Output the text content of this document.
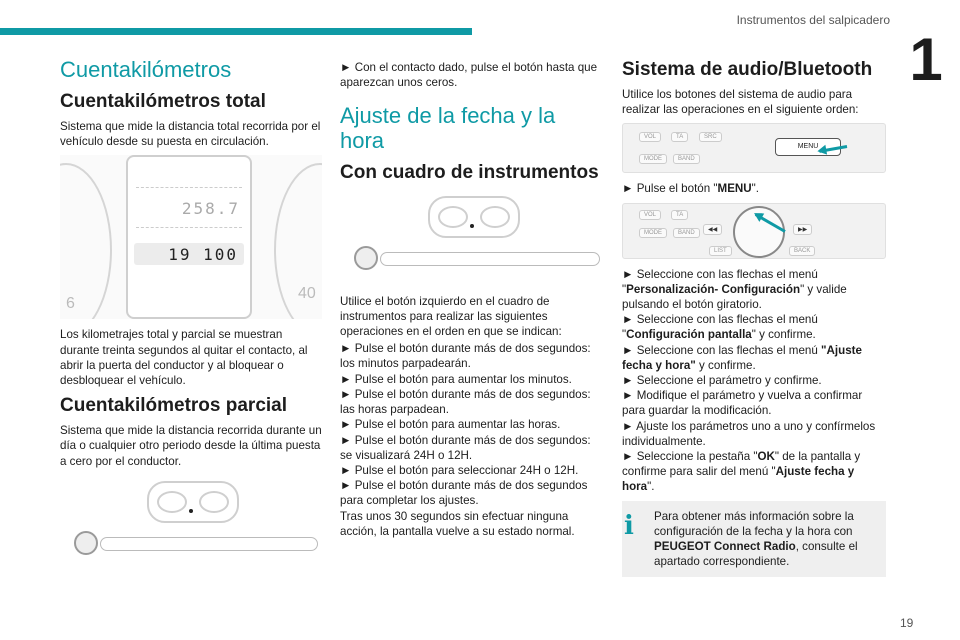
Instrumentos del salpicadero
1
Cuentakilómetros
Cuentakilómetros total

Sistema que mide la distancia total recorrida por el vehículo desde su puesta en circulación.

6
40
258.7
19 100

Los kilometrajes total y parcial se muestran durante treinta segundos al quitar el contacto, al abrir la puerta del conductor y al bloquear o desbloquear el vehículo.

Cuentakilómetros parcial

Sistema que mide la distancia recorrida durante un día o cualquier otro periodo desde la última puesta a cero por el conductor.

► Con el contacto dado, pulse el botón hasta que aparezcan unos ceros.

Ajuste de la fecha y la hora
Con cuadro de instrumentos

Utilice el botón izquierdo en el cuadro de instrumentos para realizar las siguientes operaciones en el orden en que se indican:

► Pulse el botón durante más de dos segundos: los minutos parpadearán.
► Pulse el botón para aumentar los minutos.
► Pulse el botón durante más de dos segundos: las horas parpadean.
► Pulse el botón para aumentar las horas.
► Pulse el botón durante más de dos segundos: se visualizará 24H o 12H.
► Pulse el botón para seleccionar 24H o 12H.
► Pulse el botón durante más de dos segundos para completar los ajustes.
Tras unos 30 segundos sin efectuar ninguna acción, la pantalla vuelve a su estado normal.

Sistema de audio/Bluetooth

Utilice los botones del sistema de audio para realizar las operaciones en el siguiente orden:

VOL	TA	SRC
MODE	BAND
MENU

► Pulse el botón "MENU".

VOL	TA
MODE	BAND
LIST	BACK
◀◀	▶▶

► Seleccione con las flechas el menú "Personalización- Configuración" y valide pulsando el botón giratorio.
► Seleccione con las flechas el menú "Configuración pantalla" y confirme.
► Seleccione con las flechas el menú "Ajuste fecha y hora" y confirme.
► Seleccione el parámetro y confirme.
► Modifique el parámetro y vuelva a confirmar para guardar la modificación.
► Ajuste los parámetros uno a uno y confírmelos individualmente.
► Seleccione la pestaña "OK" de la pantalla y confirme para salir del menú "Ajuste fecha y hora".

i Para obtener más información sobre la configuración de la fecha y la hora con PEUGEOT Connect Radio, consulte el apartado correspondiente.

19
